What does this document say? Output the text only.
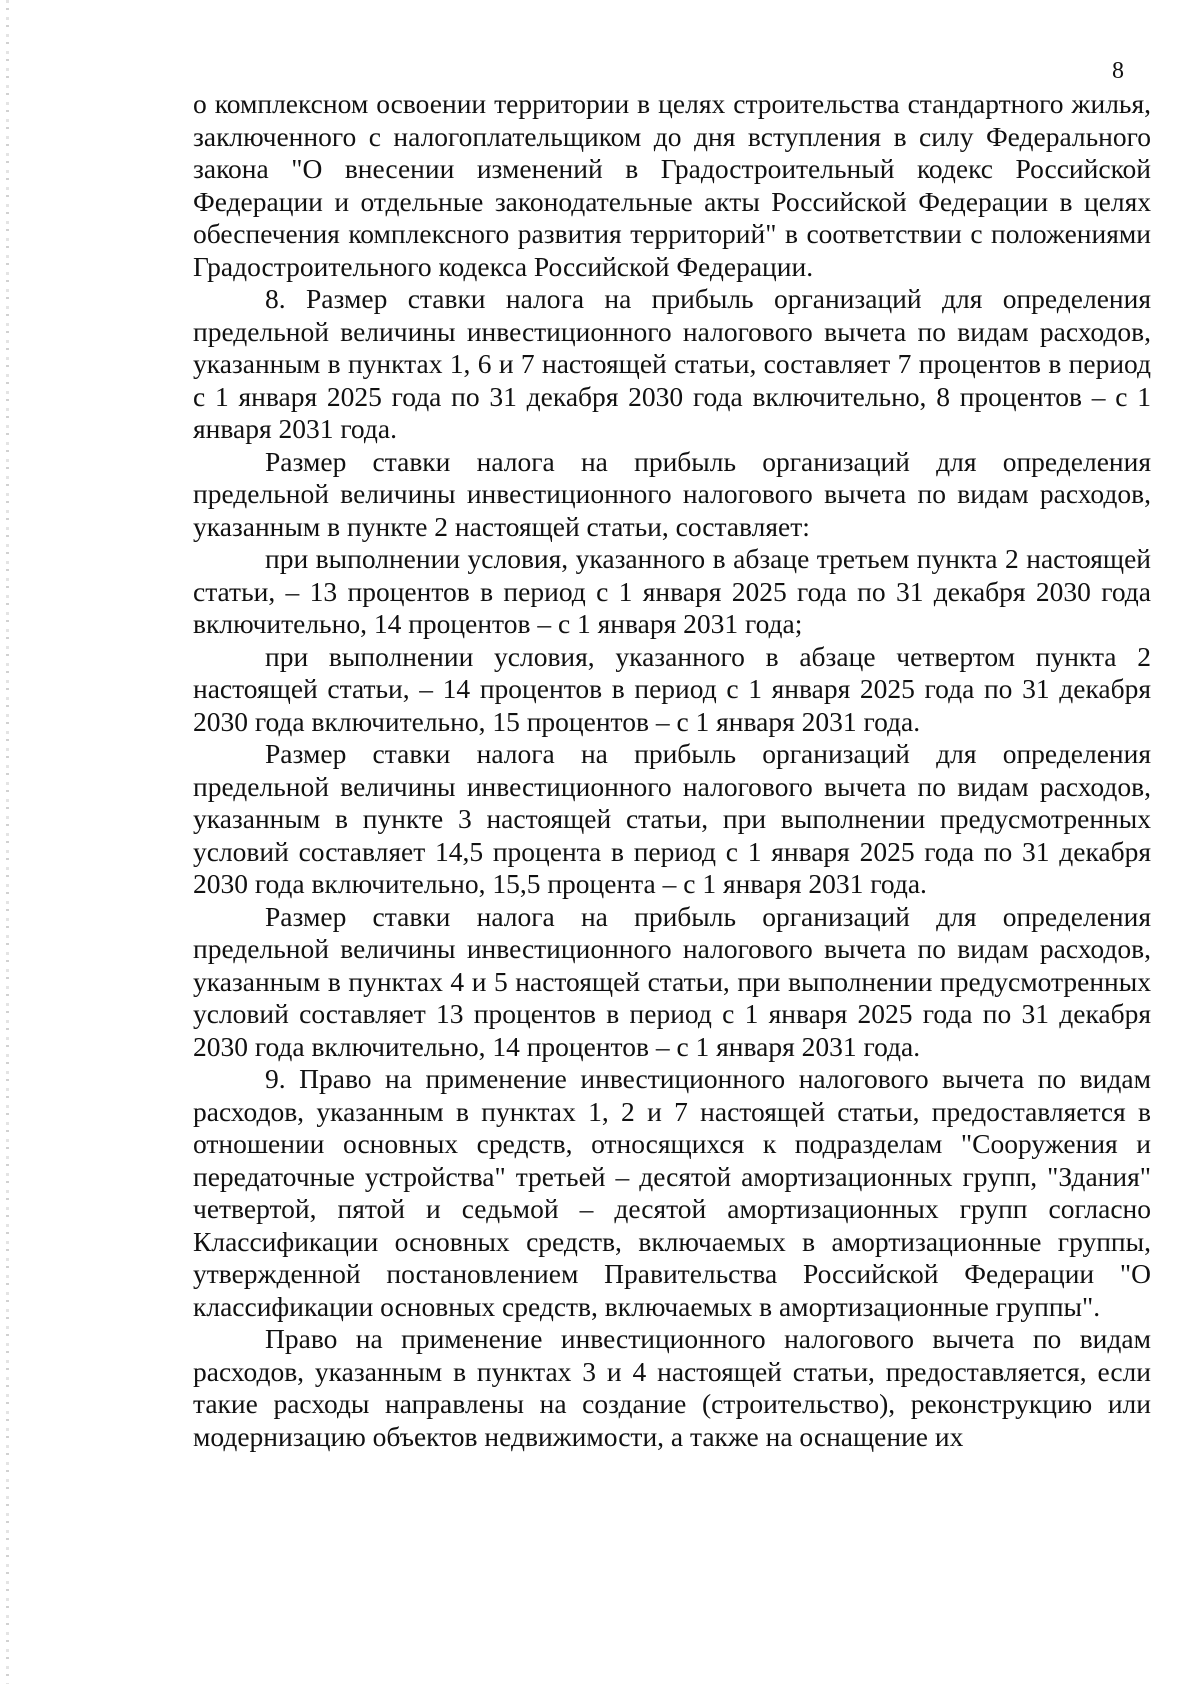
8

о комплексном освоении территории в целях строительства стандартного жилья, заключенного с налогоплательщиком до дня вступления в силу Федерального закона "О внесении изменений в Градостроительный кодекс Российской Федерации и отдельные законодательные акты Российской Федерации в целях обеспечения комплексного развития территорий" в соответствии с положениями Градостроительного кодекса Российской Федерации.

8. Размер ставки налога на прибыль организаций для определения предельной величины инвестиционного налогового вычета по видам расходов, указанным в пунктах 1, 6 и 7 настоящей статьи, составляет 7 процентов в период с 1 января 2025 года по 31 декабря 2030 года включительно, 8 процентов – с 1 января 2031 года.

Размер ставки налога на прибыль организаций для определения предельной величины инвестиционного налогового вычета по видам расходов, указанным в пункте 2 настоящей статьи, составляет:

при выполнении условия, указанного в абзаце третьем пункта 2 настоящей статьи, – 13 процентов в период с 1 января 2025 года по 31 декабря 2030 года включительно, 14 процентов – с 1 января 2031 года;

при выполнении условия, указанного в абзаце четвертом пункта 2 настоящей статьи, – 14 процентов в период с 1 января 2025 года по 31 декабря 2030 года включительно, 15 процентов – с 1 января 2031 года.

Размер ставки налога на прибыль организаций для определения предельной величины инвестиционного налогового вычета по видам расходов, указанным в пункте 3 настоящей статьи, при выполнении предусмотренных условий составляет 14,5 процента в период с 1 января 2025 года по 31 декабря 2030 года включительно, 15,5 процента – с 1 января 2031 года.

Размер ставки налога на прибыль организаций для определения предельной величины инвестиционного налогового вычета по видам расходов, указанным в пунктах 4 и 5 настоящей статьи, при выполнении предусмотренных условий составляет 13 процентов в период с 1 января 2025 года по 31 декабря 2030 года включительно, 14 процентов – с 1 января 2031 года.

9. Право на применение инвестиционного налогового вычета по видам расходов, указанным в пунктах 1, 2 и 7 настоящей статьи, предоставляется в отношении основных средств, относящихся к подразделам "Сооружения и передаточные устройства" третьей – десятой амортизационных групп, "Здания" четвертой, пятой и седьмой – десятой амортизационных групп согласно Классификации основных средств, включаемых в амортизационные группы, утвержденной постановлением Правительства Российской Федерации "О классификации основных средств, включаемых в амортизационные группы".

Право на применение инвестиционного налогового вычета по видам расходов, указанным в пунктах 3 и 4 настоящей статьи, предоставляется, если такие расходы направлены на создание (строительство), реконструкцию или модернизацию объектов недвижимости, а также на оснащение их
